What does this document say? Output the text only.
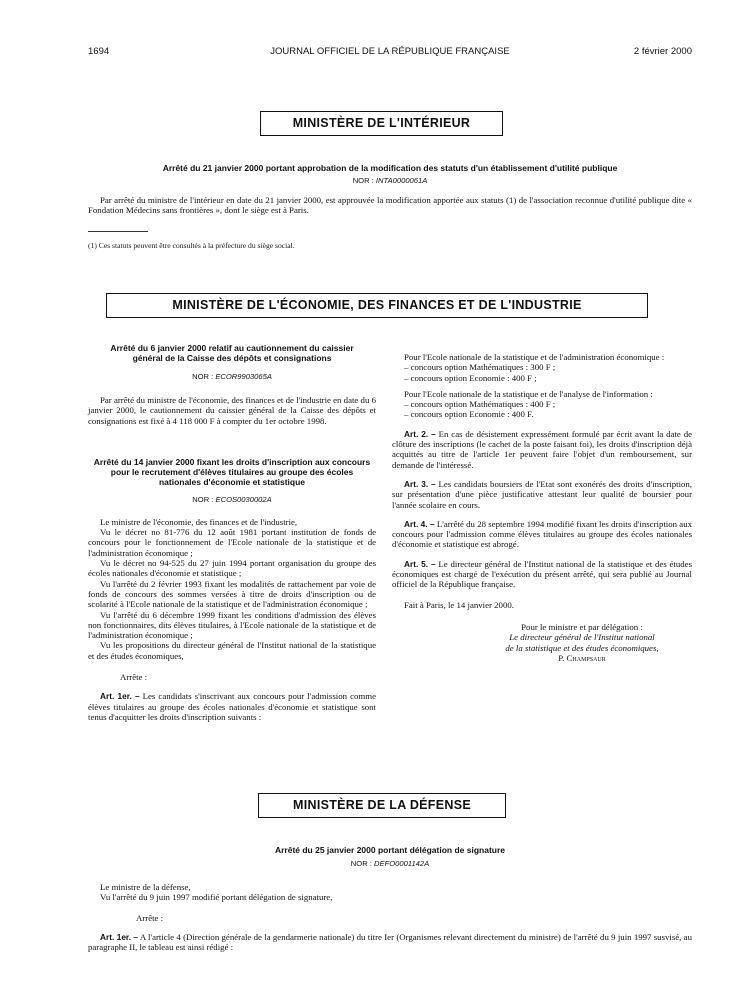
1694	JOURNAL OFFICIEL DE LA RÉPUBLIQUE FRANÇAISE	2 février 2000
MINISTÈRE DE L'INTÉRIEUR
Arrêté du 21 janvier 2000 portant approbation de la modification des statuts d'un établissement d'utilité publique
NOR : INTA0000061A

Par arrêté du ministre de l'intérieur en date du 21 janvier 2000, est approuvée la modification apportée aux statuts (1) de l'association reconnue d'utilité publique dite « Fondation Médecins sans frontières », dont le siège est à Paris.

(1) Ces statuts peuvent être consultés à la préfecture du siège social.

MINISTÈRE DE L'ÉCONOMIE, DES FINANCES ET DE L'INDUSTRIE
Arrêté du 6 janvier 2000 relatif au cautionnement du caissier général de la Caisse des dépôts et consignations
NOR : ECOR9903065A

Par arrêté du ministre de l'économie, des finances et de l'industrie en date du 6 janvier 2000, le cautionnement du caissier général de la Caisse des dépôts et consignations est fixé à 4 118 000 F à compter du 1er octobre 1998.

Arrêté du 14 janvier 2000 fixant les droits d'inscription aux concours pour le recrutement d'élèves titulaires au groupe des écoles nationales d'économie et statistique
NOR : ECOS0030002A

Le ministre de l'économie, des finances et de l'industrie,

Vu le décret no 81-776 du 12 août 1981 portant institution de fonds de concours pour le fonctionnement de l'Ecole nationale de la statistique et de l'administration économique ;

Vu le décret no 94-525 du 27 juin 1994 portant organisation du groupe des écoles nationales d'économie et statistique ;

Vu l'arrêté du 2 février 1993 fixant les modalités de rattachement par voie de fonds de concours des sommes versées à titre de droits d'inscription ou de scolarité à l'Ecole nationale de la statistique et de l'administration économique ;

Vu l'arrêté du 6 décembre 1999 fixant les conditions d'admission des élèves non fonctionnaires, dits élèves titulaires, à l'Ecole nationale de la statistique et de l'administration économique ;

Vu les propositions du directeur général de l'Institut national de la statistique et des études économiques,

Arrête :

Art. 1er. – Les candidats s'inscrivant aux concours pour l'admission comme élèves titulaires au groupe des écoles nationales d'économie et statistique sont tenus d'acquitter les droits d'inscription suivants :

Pour l'Ecole nationale de la statistique et de l'administration économique :

– concours option Mathématiques : 300 F ;

– concours option Economie : 400 F ;

Pour l'Ecole nationale de la statistique et de l'analyse de l'information :

– concours option Mathématiques : 400 F ;

– concours option Economie : 400 F.

Art. 2. – En cas de désistement expressément formulé par écrit avant la date de clôture des inscriptions (le cachet de la poste faisant foi), les droits d'inscription déjà acquittés au titre de l'article 1er peuvent faire l'objet d'un remboursement, sur demande de l'intéressé.

Art. 3. – Les candidats boursiers de l'Etat sont exonérés des droits d'inscription, sur présentation d'une pièce justificative attestant leur qualité de boursier pour l'année scolaire en cours.

Art. 4. – L'arrêté du 28 septembre 1994 modifié fixant les droits d'inscription aux concours pour l'admission comme élèves titulaires au groupe des écoles nationales d'économie et statistique est abrogé.

Art. 5. – Le directeur général de l'Institut national de la statistique et des études économiques est chargé de l'exécution du présent arrêté, qui sera publié au Journal officiel de la République française.

Fait à Paris, le 14 janvier 2000.

Pour le ministre et par délégation :

Le directeur général de l'Institut national

de la statistique et des études économiques,

P. Champsaur

MINISTÈRE DE LA DÉFENSE
Arrêté du 25 janvier 2000 portant délégation de signature
NOR : DEFO0001142A

Le ministre de la défense,

Vu l'arrêté du 9 juin 1997 modifié portant délégation de signature,

Arrête :

Art. 1er. – A l'article 4 (Direction générale de la gendarmerie nationale) du titre Ier (Organismes relevant directement du ministre) de l'arrêté du 9 juin 1997 susvisé, au paragraphe II, le tableau est ainsi rédigé :
